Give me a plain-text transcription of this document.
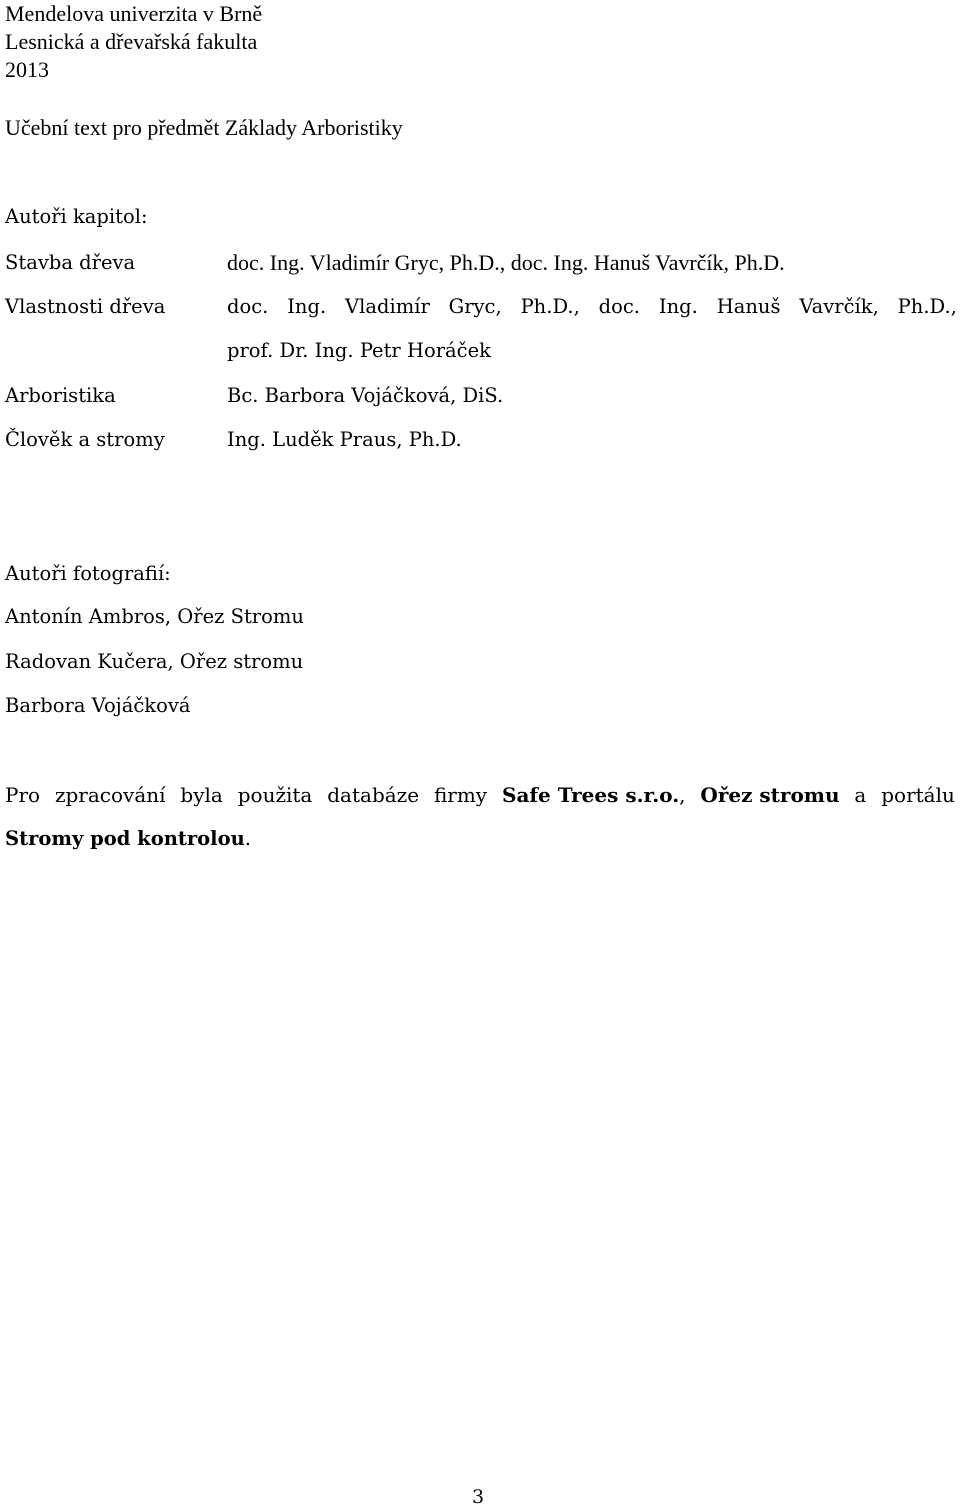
Mendelova univerzita v Brně
Lesnická a dřevařská fakulta
2013
Učební text pro předmět Základy Arboristiky
Autoři kapitol:
Stavba dřeva	doc. Ing. Vladimír Gryc, Ph.D., doc. Ing. Hanuš Vavrčík, Ph.D.
Vlastnosti dřeva	doc. Ing. Vladimír Gryc, Ph.D., doc. Ing. Hanuš Vavrčík, Ph.D.,
prof. Dr. Ing. Petr Horáček
Arboristika	Bc. Barbora Vojáčková, DiS.
Člověk a stromy	Ing. Luděk Praus, Ph.D.
Autoři fotografií:
Antonín Ambros, Ořez Stromu
Radovan Kučera, Ořez stromu
Barbora Vojáčková
Pro zpracování byla použita databáze firmy Safe Trees s.r.o., Ořez stromu a portálu
Stromy pod kontrolou.
3
